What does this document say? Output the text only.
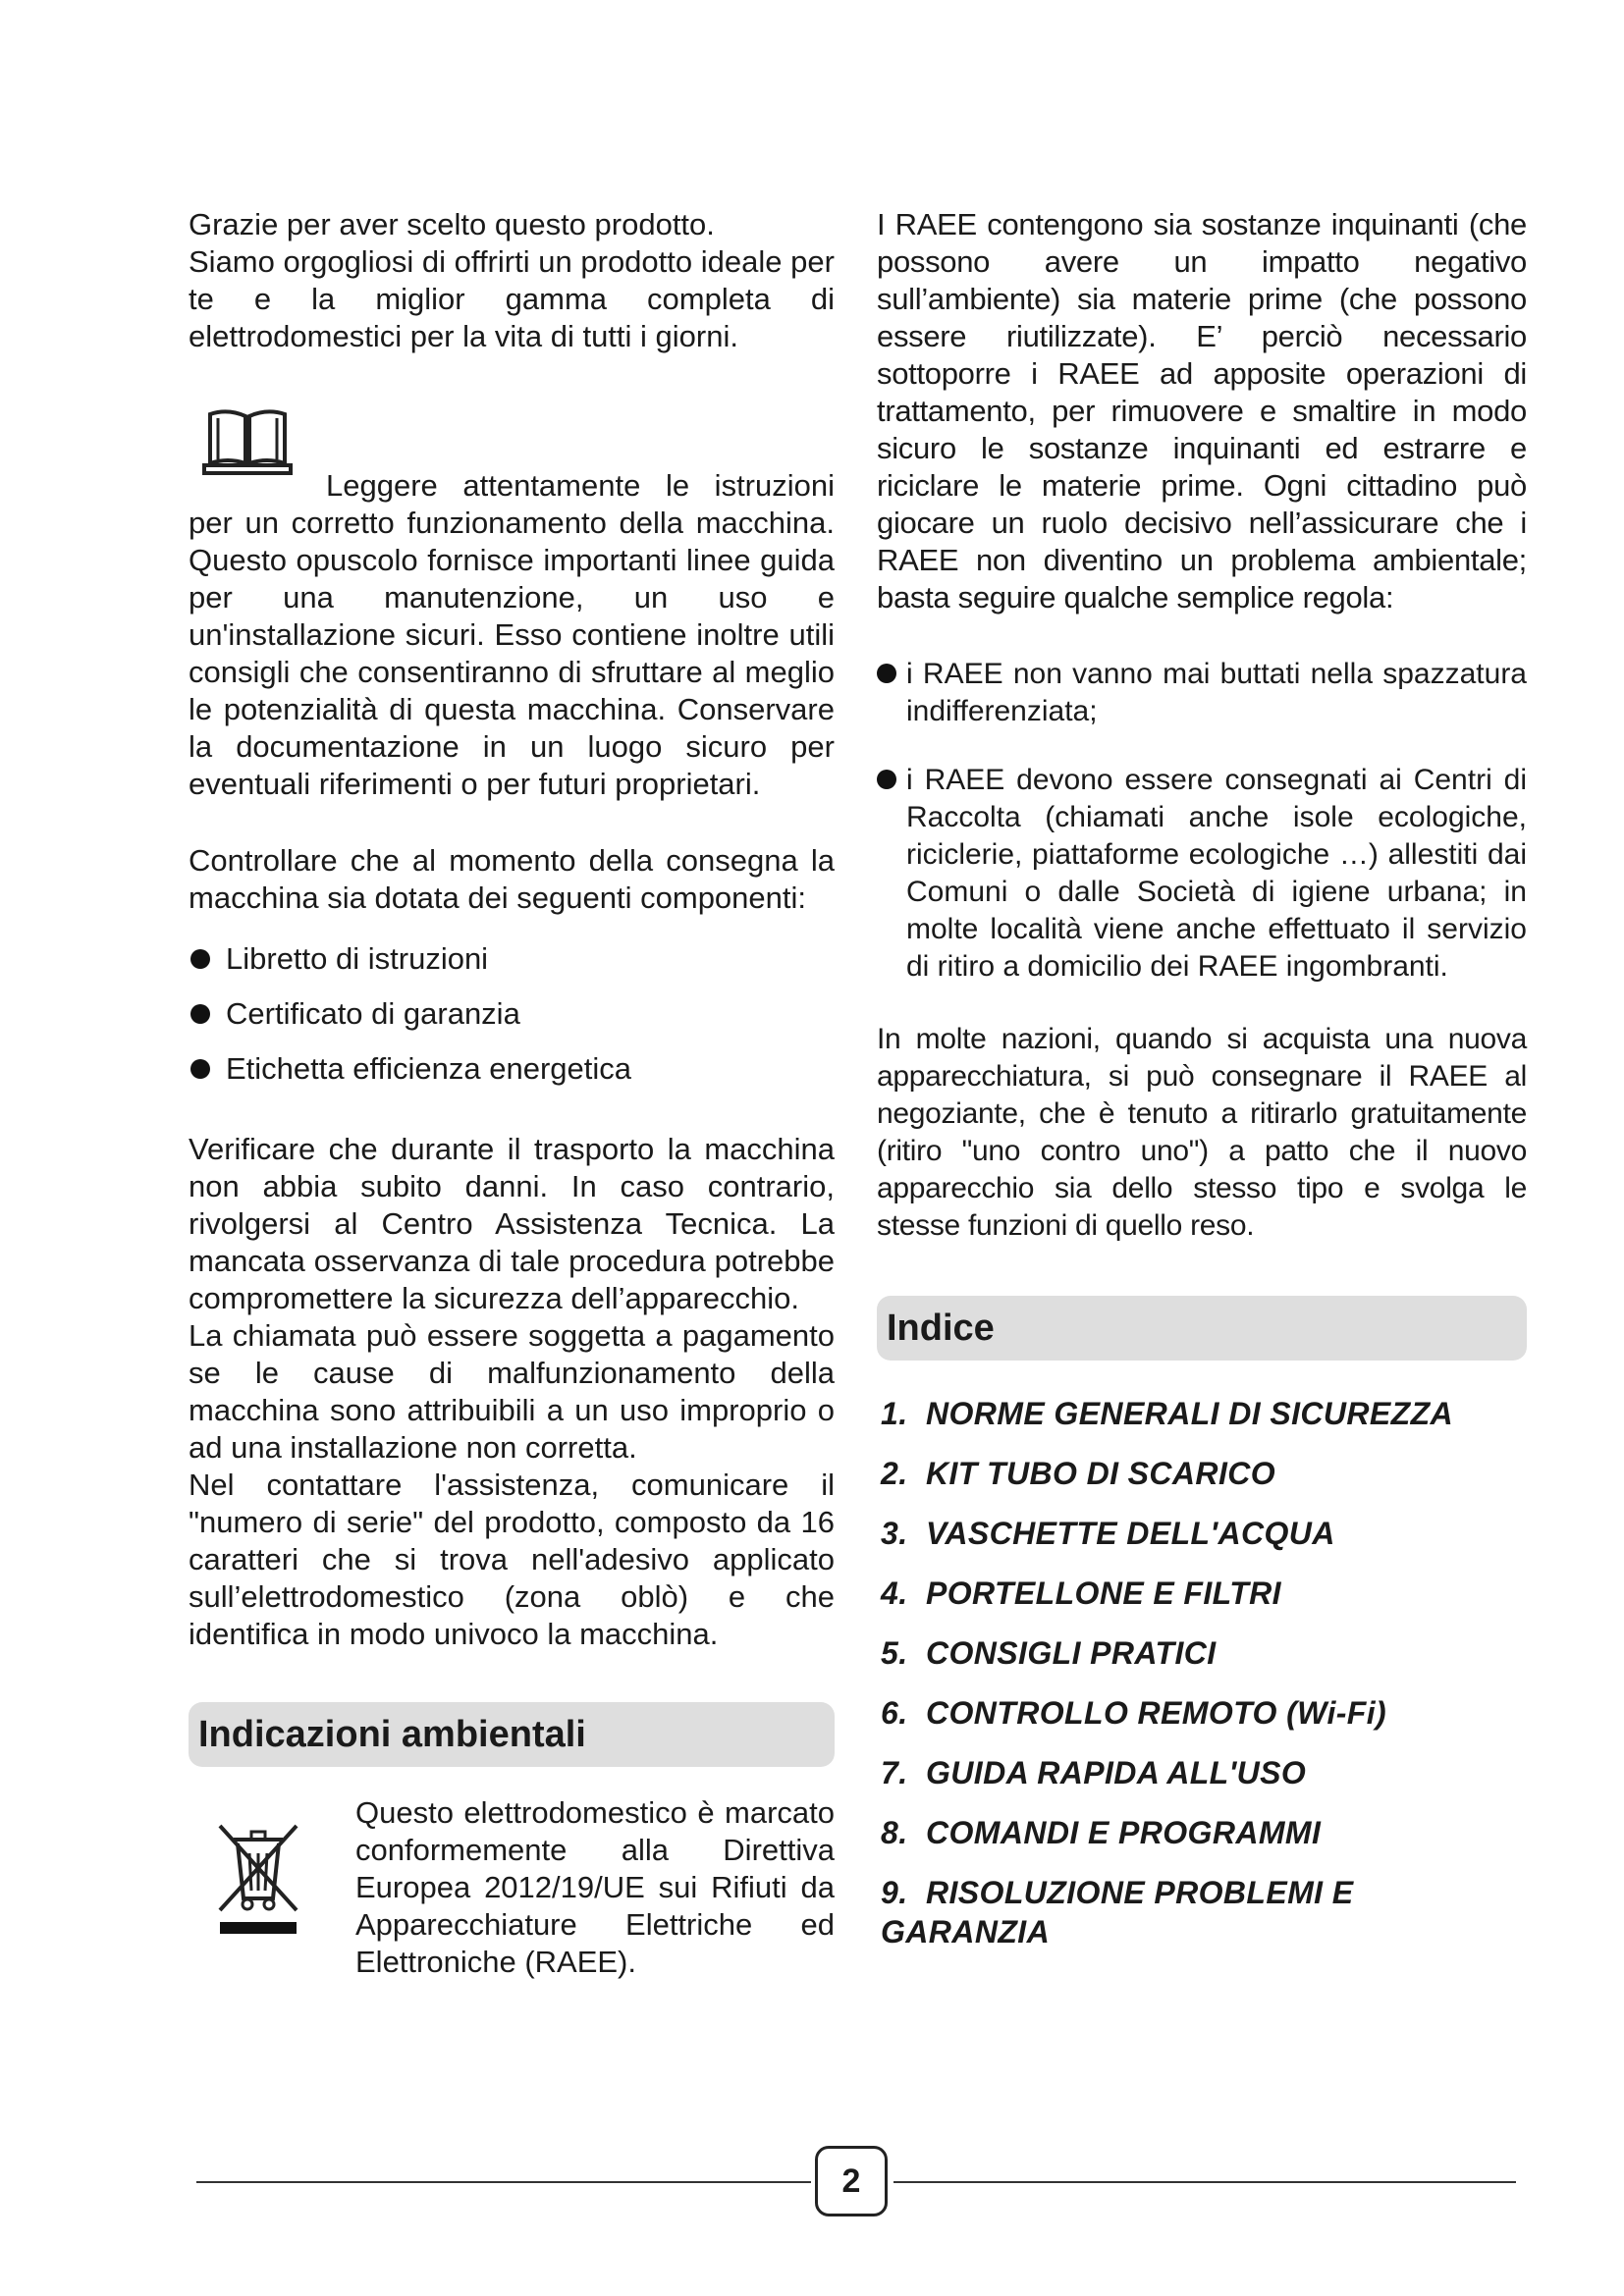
Grazie per aver scelto questo prodotto.

Siamo orgogliosi di offrirti un prodotto ideale per te e la miglior gamma completa di elettrodomestici per la vita di tutti i giorni.

Leggere attentamente le istruzioni per un corretto funzionamento della macchina. Questo opuscolo fornisce importanti linee guida per una manutenzione, un uso e un'installazione sicuri. Esso contiene inoltre utili consigli che consentiranno di sfruttare al meglio le potenzialità di questa macchina. Conservare la documentazione in un luogo sicuro per eventuali riferimenti o per futuri proprietari.

Controllare che al momento della consegna la macchina sia dotata dei seguenti componenti:

Libretto di istruzioni
Certificato di garanzia
Etichetta efficienza energetica

Verificare che durante il trasporto la macchina non abbia subito danni. In caso contrario, rivolgersi al Centro Assistenza Tecnica. La mancata osservanza di tale procedura potrebbe compromettere la sicurezza dell’apparecchio.

La chiamata può essere soggetta a pagamento se le cause di malfunzionamento della macchina sono attribuibili a un uso improprio o ad una installazione non corretta.

Nel contattare l'assistenza, comunicare il "numero di serie" del prodotto, composto da 16 caratteri che si trova nell'adesivo applicato sull’elettrodomestico (zona oblò) e che identifica in modo univoco la macchina.

Indicazioni ambientali

Questo elettrodomestico è marcato conformemente alla Direttiva Europea 2012/19/UE sui Rifiuti da Apparecchiature Elettriche ed Elettroniche (RAEE).

I RAEE contengono sia sostanze inquinanti (che possono avere un impatto negativo sull’ambiente) sia materie prime (che possono essere riutilizzate). E’ perciò necessario sottoporre i RAEE ad apposite operazioni di trattamento, per rimuovere e smaltire in modo sicuro le sostanze inquinanti ed estrarre e riciclare le materie prime. Ogni cittadino può giocare un ruolo decisivo nell’assicurare che i RAEE non diventino un problema ambientale; basta seguire qualche semplice regola:

i RAEE non vanno mai buttati nella spazzatura indifferenziata;
i RAEE devono essere consegnati ai Centri di Raccolta (chiamati anche isole ecologiche, riciclerie, piattaforme ecologiche …) allestiti dai Comuni o dalle Società di igiene urbana; in molte località viene anche effettuato il servizio di ritiro a domicilio dei RAEE ingombranti.

In molte nazioni, quando si acquista una nuova apparecchiatura, si può consegnare il RAEE al negoziante, che è tenuto a ritirarlo gratuitamente (ritiro "uno contro uno") a patto che il nuovo apparecchio sia dello stesso tipo e svolga le stesse funzioni di quello reso.

Indice
1. NORME GENERALI DI SICUREZZA
2. KIT TUBO DI SCARICO
3. VASCHETTE DELL'ACQUA
4. PORTELLONE E FILTRI
5. CONSIGLI PRATICI
6. CONTROLLO REMOTO (Wi-Fi)
7. GUIDA RAPIDA ALL'USO
8. COMANDI E PROGRAMMI
9. RISOLUZIONE PROBLEMI E GARANZIA
2
